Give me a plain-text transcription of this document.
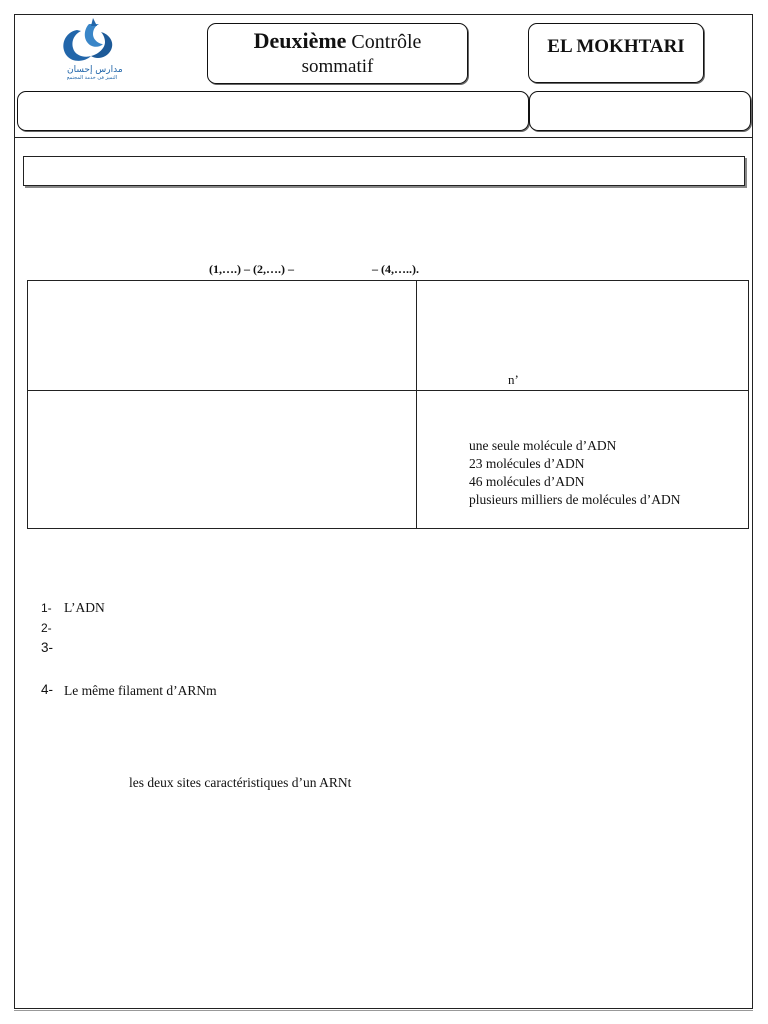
مدارس إحسان
التميز في خدمة المجتمع
Deuxième Contrôle
sommatif
EL MOKHTARI
(1,….) – (2,….) –	– (4,…..).
n’
une seule molécule d’ADN
23 molécules d’ADN
46 molécules d’ADN
plusieurs milliers de molécules d’ADN
1- L’ADN
2-
3-
4- Le même filament d’ARNm
les deux sites caractéristiques d’un ARNt
